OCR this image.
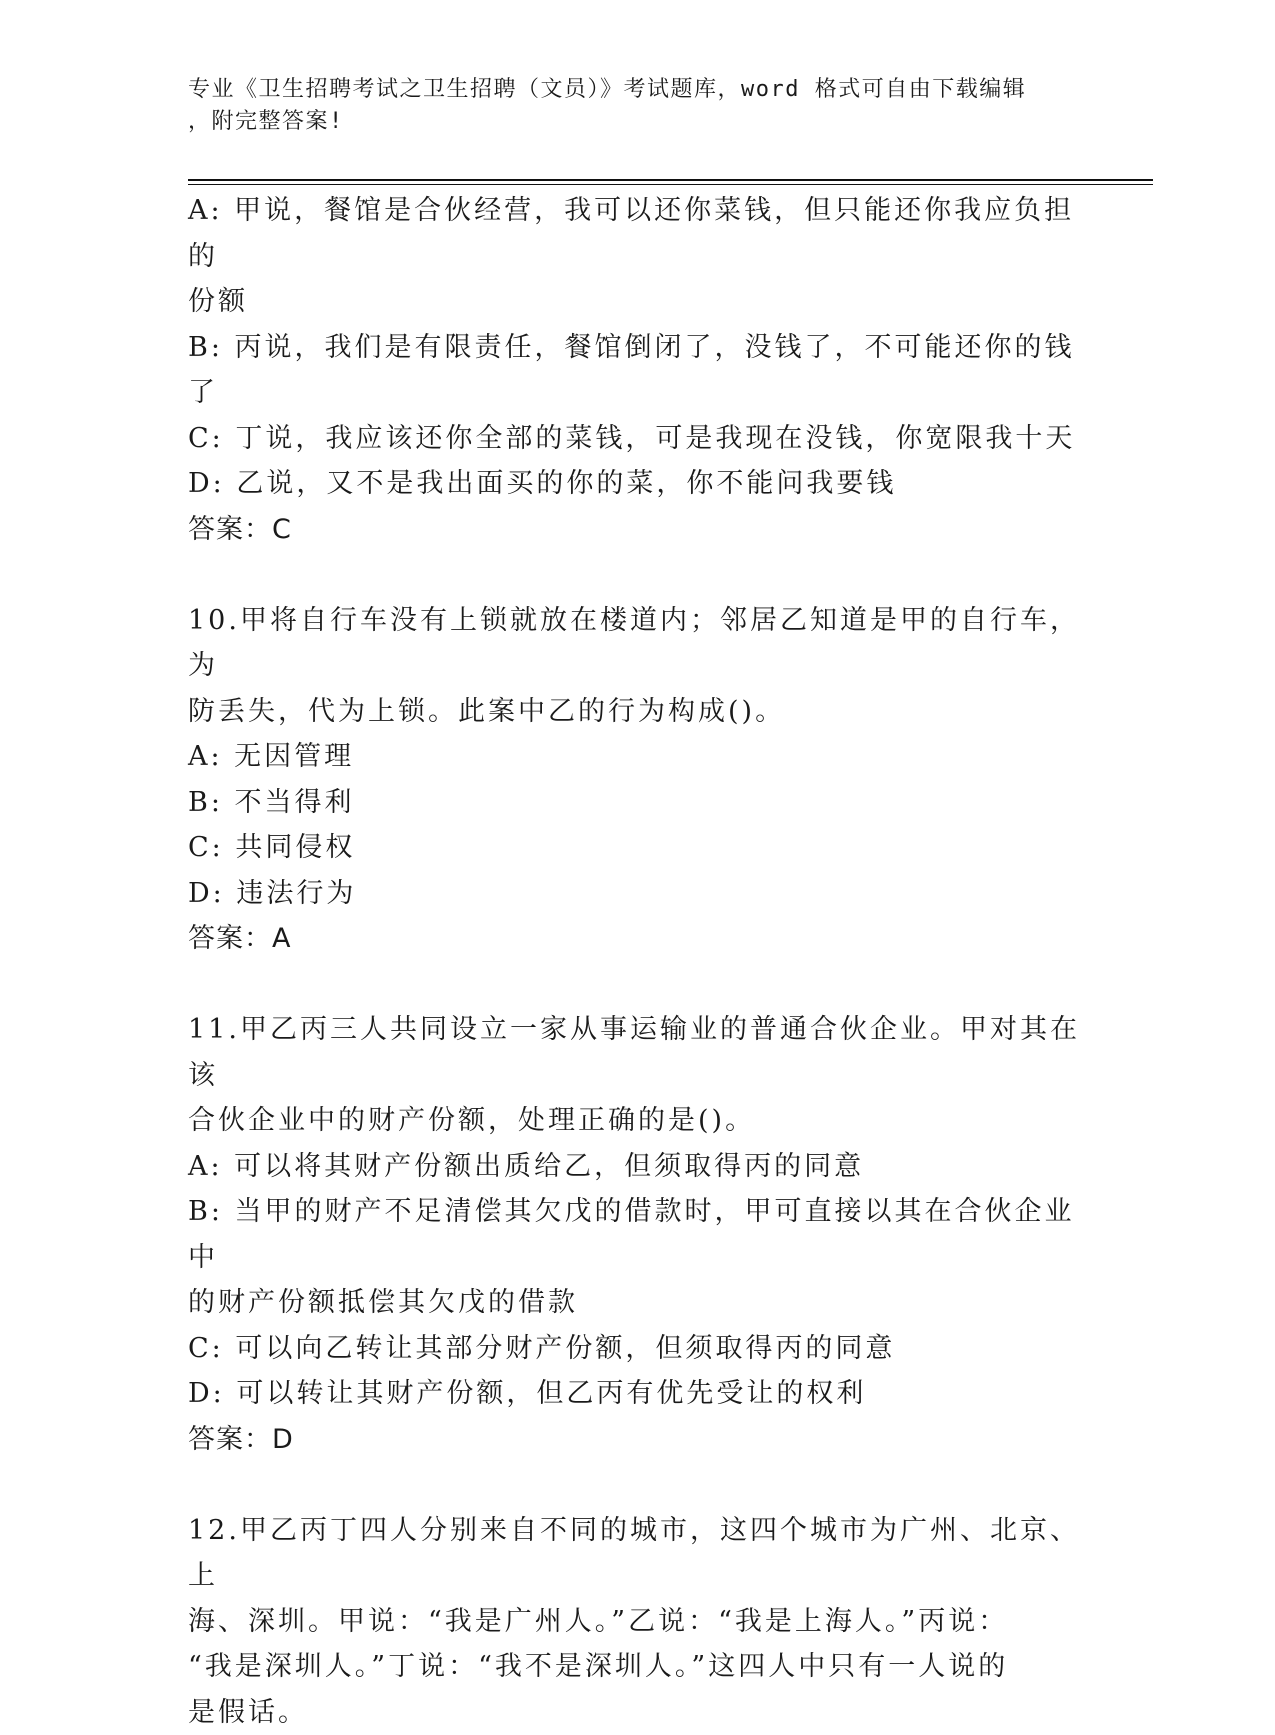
专业《卫生招聘考试之卫生招聘（文员）》考试题库，word 格式可自由下载编辑
，附完整答案!

A: 甲说，餐馆是合伙经营，我可以还你菜钱，但只能还你我应负担的

份额

B: 丙说，我们是有限责任，餐馆倒闭了，没钱了，不可能还你的钱了

C: 丁说，我应该还你全部的菜钱，可是我现在没钱，你宽限我十天

D: 乙说，又不是我出面买的你的菜，你不能问我要钱

答案：C

10.甲将自行车没有上锁就放在楼道内；邻居乙知道是甲的自行车，为

防丢失，代为上锁。此案中乙的行为构成()。

A: 无因管理

B: 不当得利

C: 共同侵权

D: 违法行为

答案：A

11.甲乙丙三人共同设立一家从事运输业的普通合伙企业。甲对其在该

合伙企业中的财产份额，处理正确的是()。

A: 可以将其财产份额出质给乙，但须取得丙的同意

B: 当甲的财产不足清偿其欠戊的借款时，甲可直接以其在合伙企业中

的财产份额抵偿其欠戊的借款

C: 可以向乙转让其部分财产份额，但须取得丙的同意

D: 可以转让其财产份额，但乙丙有优先受让的权利

答案：D

12.甲乙丙丁四人分别来自不同的城市，这四个城市为广州、北京、上

海、深圳。甲说：“我是广州人。”乙说：“我是上海人。”丙说：

“我是深圳人。”丁说：“我不是深圳人。”这四人中只有一人说的

是假话。
